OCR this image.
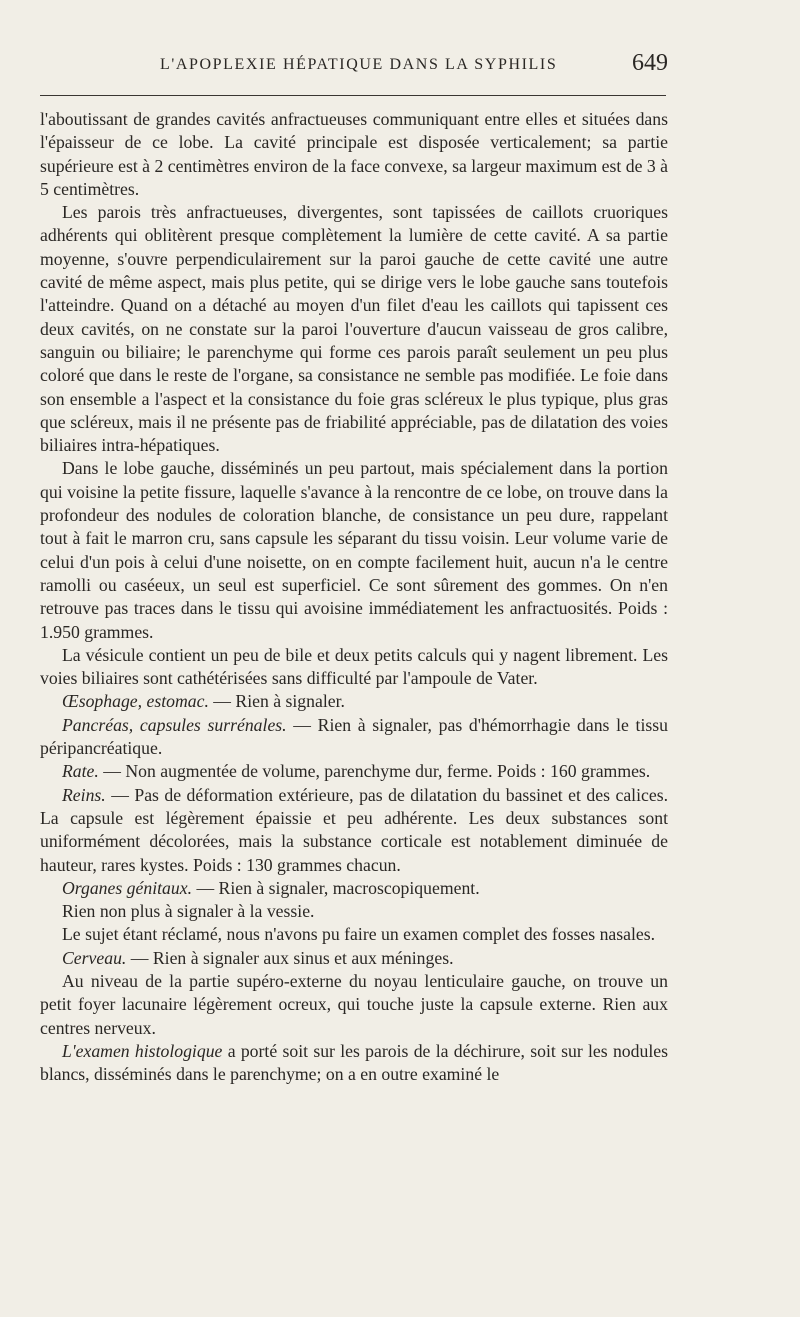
L'APOPLEXIE HÉPATIQUE DANS LA SYPHILIS	649

l'aboutissant de grandes cavités anfractueuses communiquant entre elles et situées dans l'épaisseur de ce lobe. La cavité principale est disposée verticalement; sa partie supérieure est à 2 centimètres environ de la face convexe, sa largeur maximum est de 3 à 5 centimètres.

Les parois très anfractueuses, divergentes, sont tapissées de caillots cruoriques adhérents qui oblitèrent presque complètement la lumière de cette cavité. A sa partie moyenne, s'ouvre perpendiculairement sur la paroi gauche de cette cavité une autre cavité de même aspect, mais plus petite, qui se dirige vers le lobe gauche sans toutefois l'atteindre. Quand on a détaché au moyen d'un filet d'eau les caillots qui tapissent ces deux cavités, on ne constate sur la paroi l'ouverture d'aucun vaisseau de gros calibre, sanguin ou biliaire; le parenchyme qui forme ces parois paraît seulement un peu plus coloré que dans le reste de l'organe, sa consistance ne semble pas modifiée. Le foie dans son ensemble a l'aspect et la consistance du foie gras scléreux le plus typique, plus gras que scléreux, mais il ne présente pas de friabilité appréciable, pas de dilatation des voies biliaires intra-hépatiques.

Dans le lobe gauche, disséminés un peu partout, mais spécialement dans la portion qui voisine la petite fissure, laquelle s'avance à la rencontre de ce lobe, on trouve dans la profondeur des nodules de coloration blanche, de consistance un peu dure, rappelant tout à fait le marron cru, sans capsule les séparant du tissu voisin. Leur volume varie de celui d'un pois à celui d'une noisette, on en compte facilement huit, aucun n'a le centre ramolli ou caséeux, un seul est superficiel. Ce sont sûrement des gommes. On n'en retrouve pas traces dans le tissu qui avoisine immédiatement les anfractuosités. Poids : 1.950 grammes.

La vésicule contient un peu de bile et deux petits calculs qui y nagent librement. Les voies biliaires sont cathétérisées sans difficulté par l'ampoule de Vater.

Œsophage, estomac. — Rien à signaler.

Pancréas, capsules surrénales. — Rien à signaler, pas d'hémorrhagie dans le tissu péripancréatique.

Rate. — Non augmentée de volume, parenchyme dur, ferme. Poids : 160 grammes.

Reins. — Pas de déformation extérieure, pas de dilatation du bassinet et des calices. La capsule est légèrement épaissie et peu adhérente. Les deux substances sont uniformément décolorées, mais la substance corticale est notablement diminuée de hauteur, rares kystes. Poids : 130 grammes chacun.

Organes génitaux. — Rien à signaler, macroscopiquement.

Rien non plus à signaler à la vessie.

Le sujet étant réclamé, nous n'avons pu faire un examen complet des fosses nasales.

Cerveau. — Rien à signaler aux sinus et aux méninges.

Au niveau de la partie supéro-externe du noyau lenticulaire gauche, on trouve un petit foyer lacunaire légèrement ocreux, qui touche juste la capsule externe. Rien aux centres nerveux.

L'examen histologique a porté soit sur les parois de la déchirure, soit sur les nodules blancs, disséminés dans le parenchyme; on a en outre examiné le
